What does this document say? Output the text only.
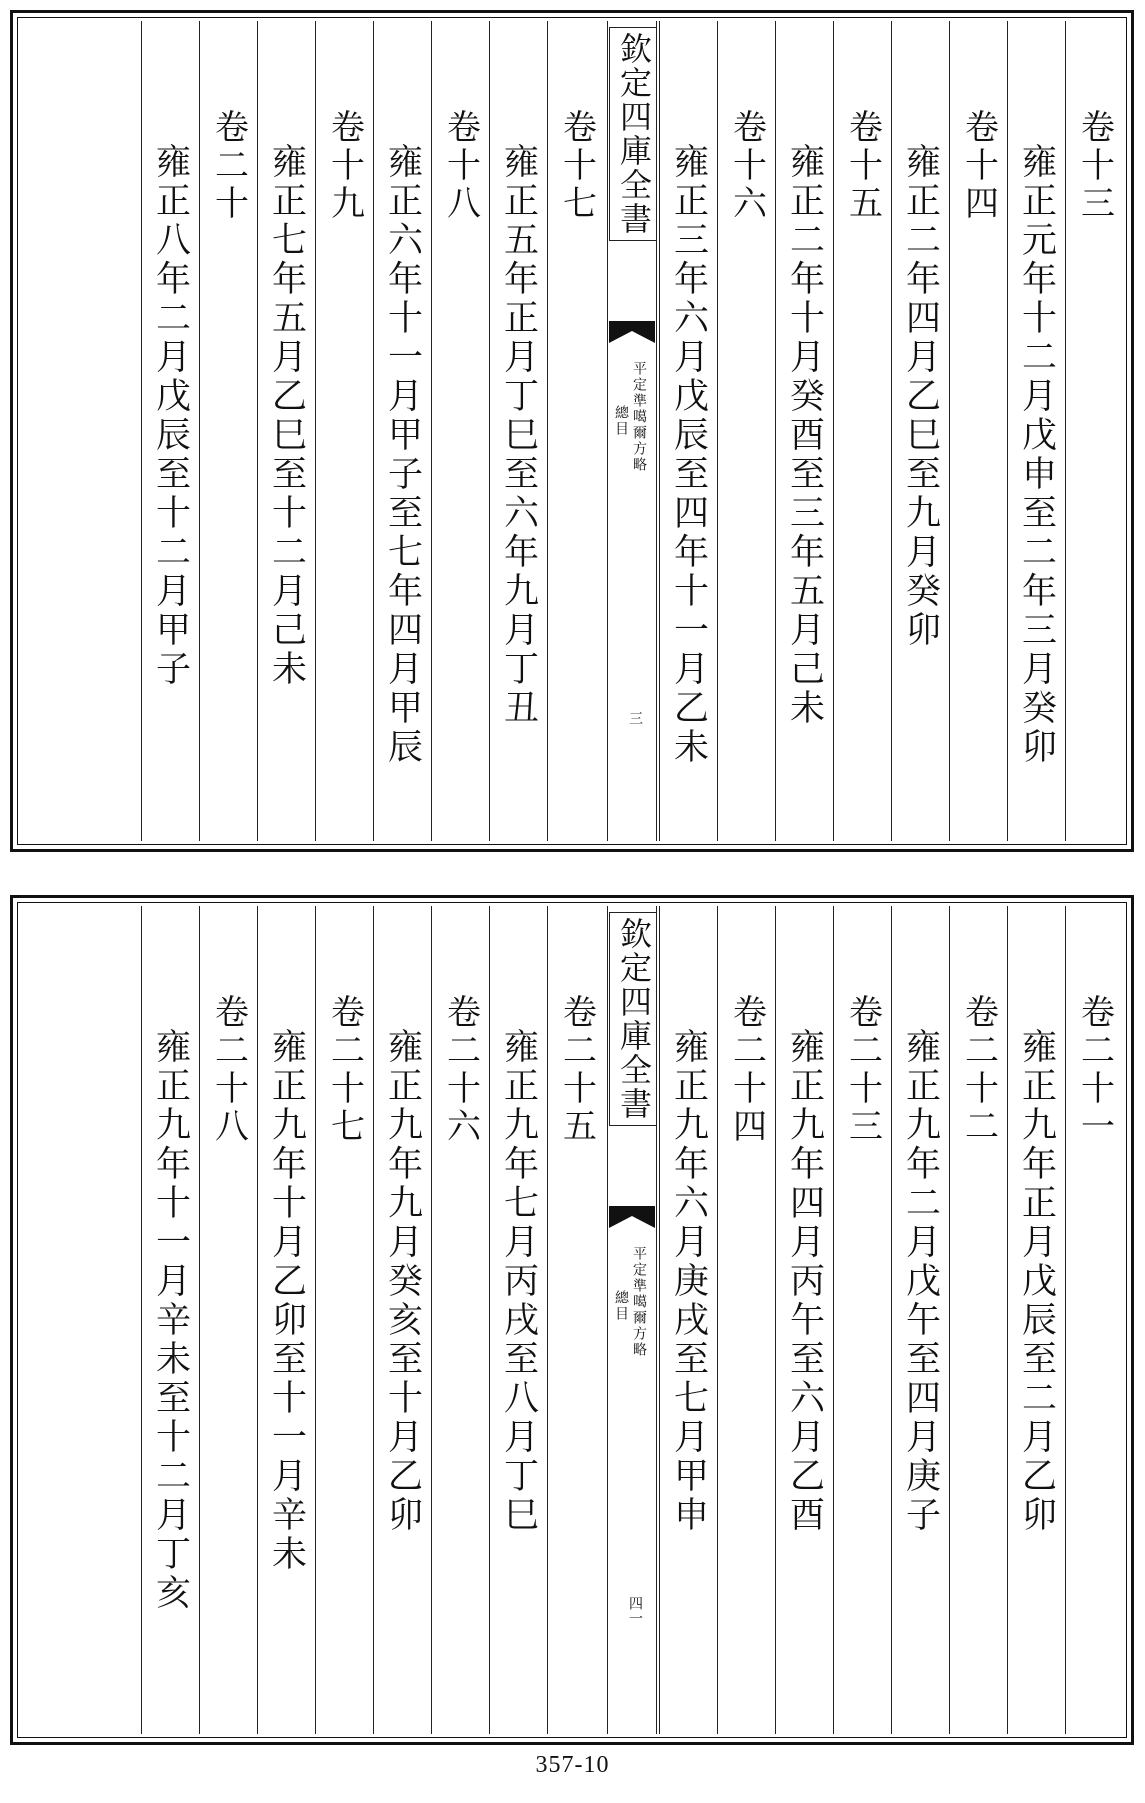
卷十三
雍正元年十二月戊申至二年三月癸卯
卷十四
雍正二年四月乙巳至九月癸卯
卷十五
雍正二年十月癸酉至三年五月己未
卷十六
雍正三年六月戊辰至四年十一月乙未
欽定四庫全書
平定準噶爾方略
總目
三
卷十七
雍正五年正月丁巳至六年九月丁丑
卷十八
雍正六年十一月甲子至七年四月甲辰
卷十九
雍正七年五月乙巳至十二月己未
卷二十
雍正八年二月戊辰至十二月甲子
卷二十一
雍正九年正月戊辰至二月乙卯
卷二十二
雍正九年二月戊午至四月庚子
卷二十三
雍正九年四月丙午至六月乙酉
卷二十四
雍正九年六月庚戌至七月甲申
欽定四庫全書
平定準噶爾方略
總目
四一
卷二十五
雍正九年七月丙戌至八月丁巳
卷二十六
雍正九年九月癸亥至十月乙卯
卷二十七
雍正九年十月乙卯至十一月辛未
卷二十八
雍正九年十一月辛未至十二月丁亥
357-10
